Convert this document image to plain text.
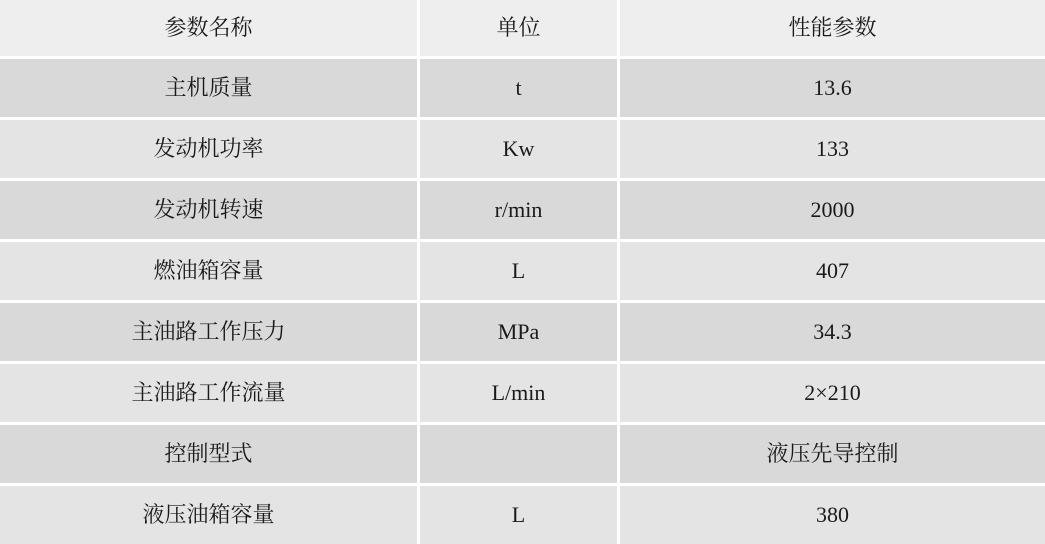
参数名称	单位	性能参数

主机质量	t	13.6

发动机功率	Kw	133

发动机转速	r/min	2000

燃油箱容量	L	407

主油路工作压力	MPa	34.3

主油路工作流量	L/min	2×210

控制型式		液压先导控制

液压油箱容量	L	380
